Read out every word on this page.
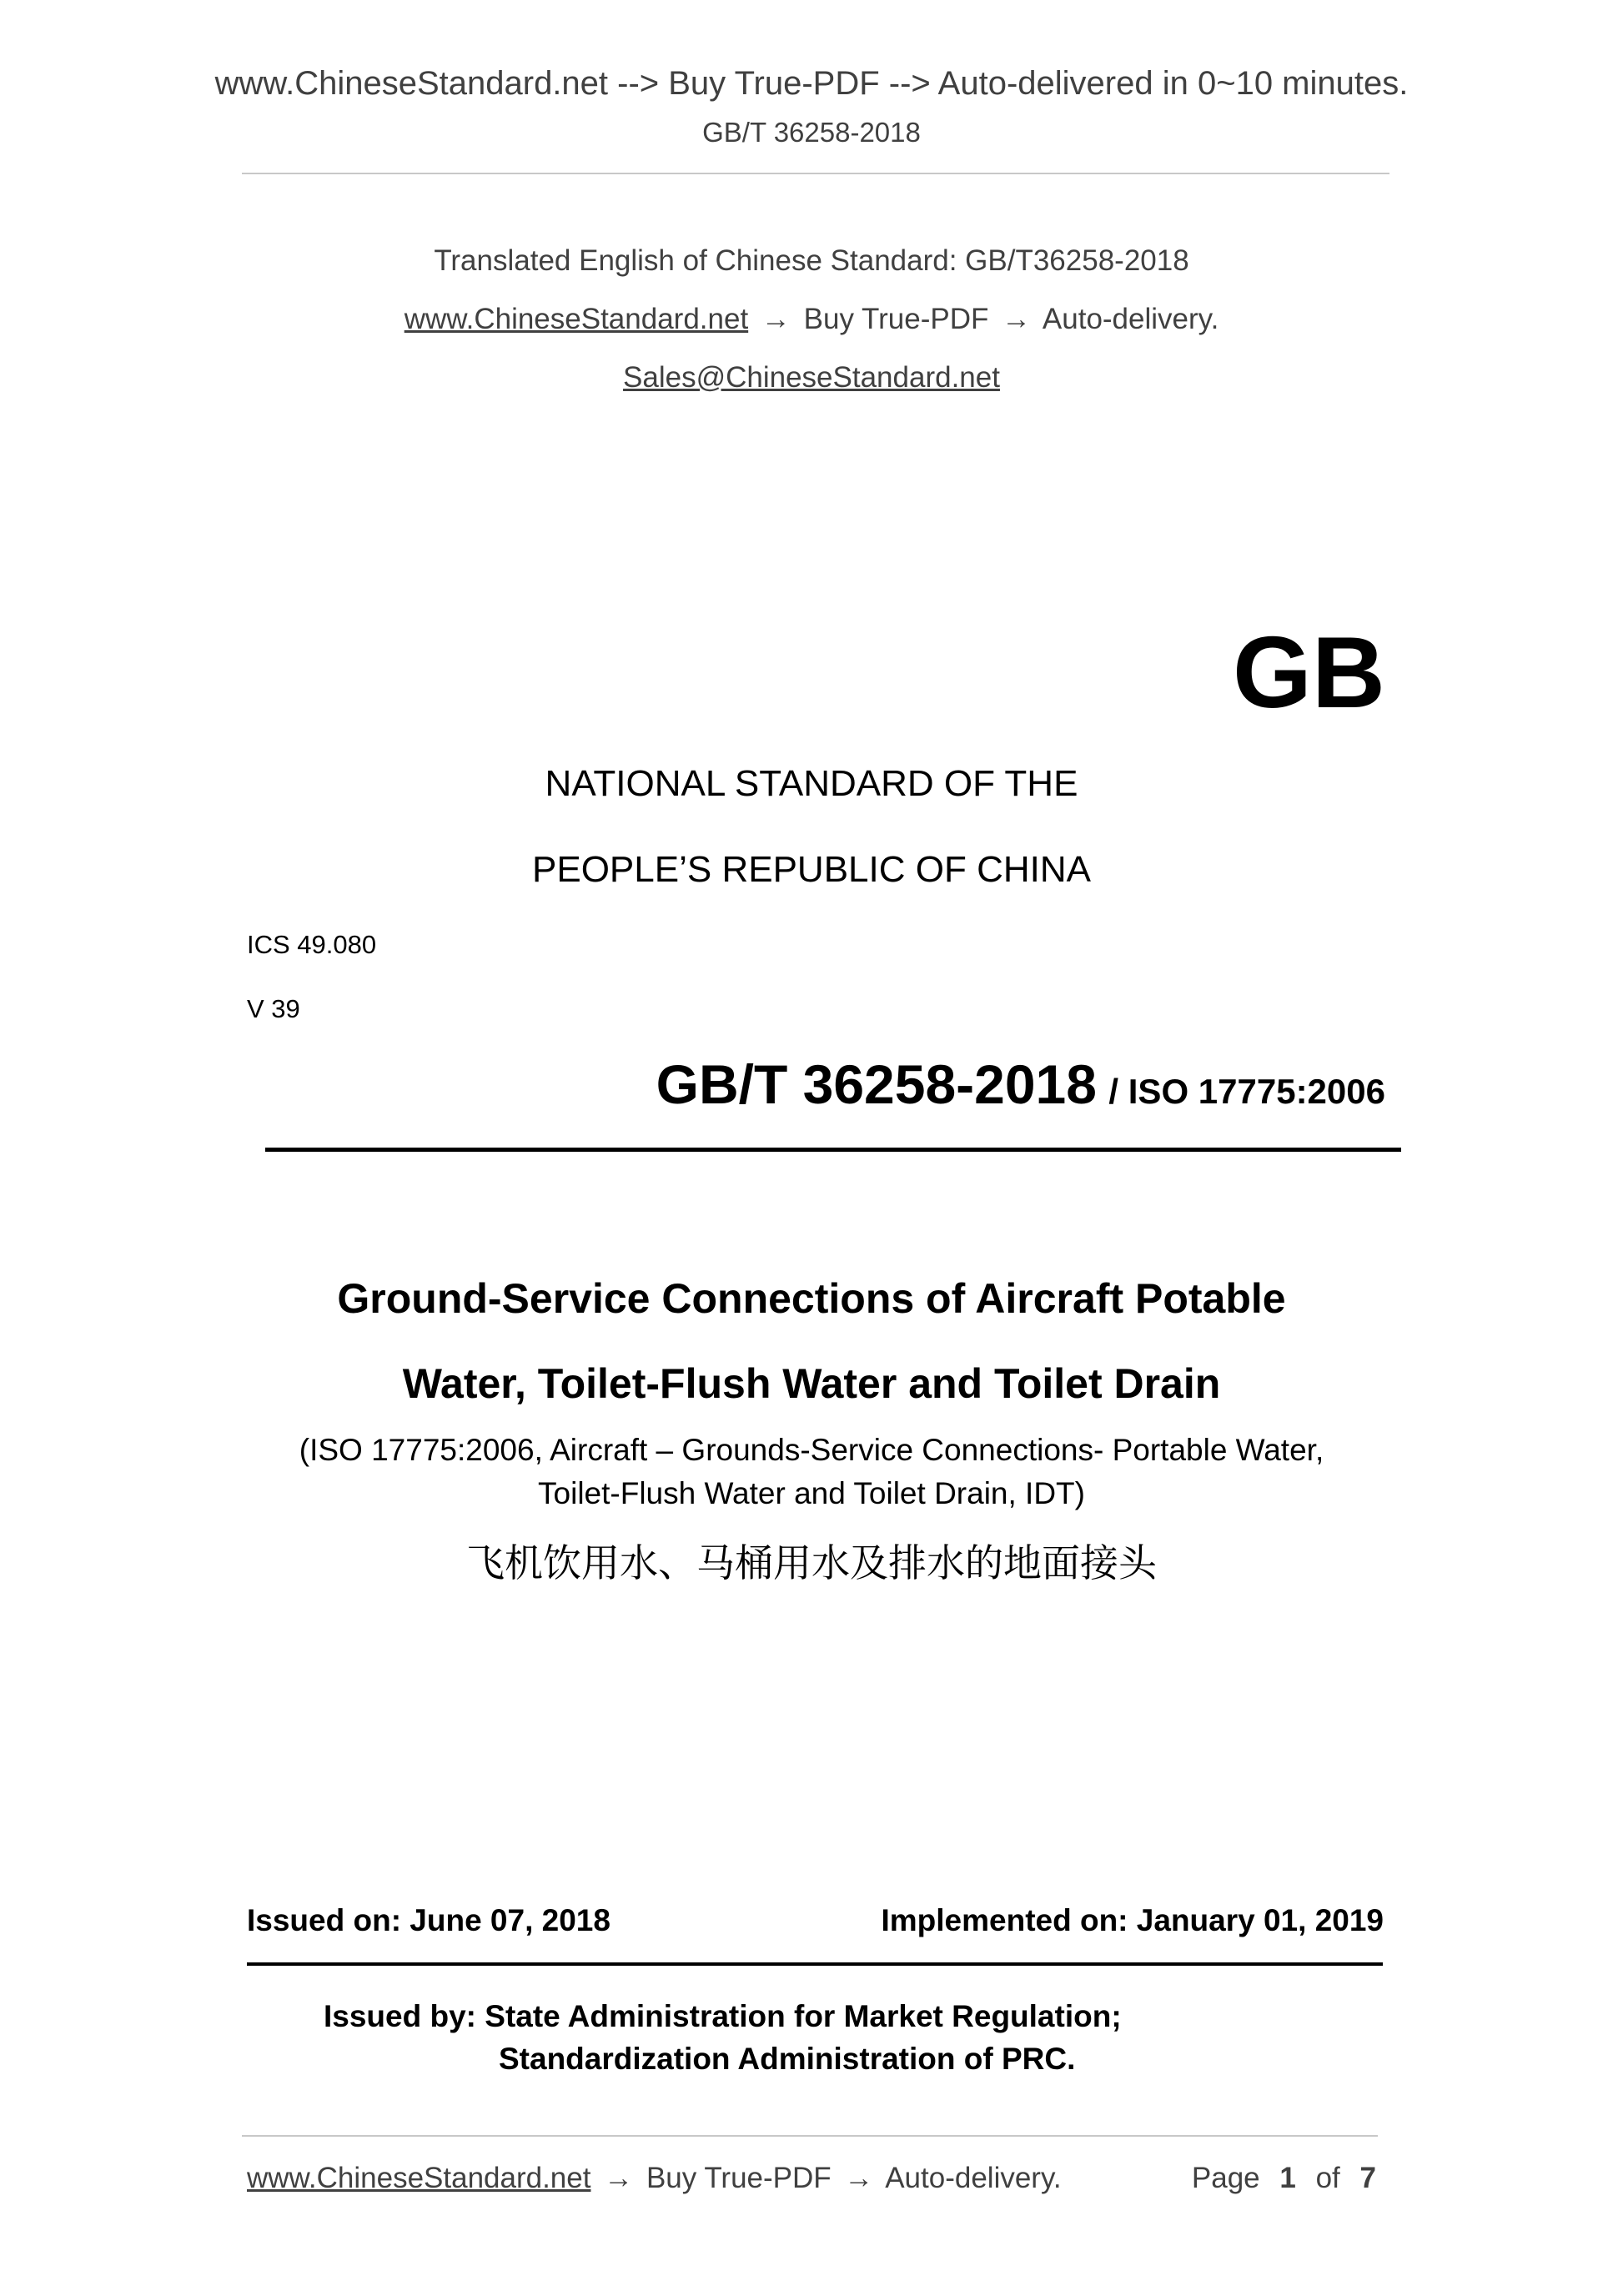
www.ChineseStandard.net --> Buy True-PDF --> Auto-delivered in 0~10 minutes.
GB/T 36258-2018
Translated English of Chinese Standard: GB/T36258-2018
www.ChineseStandard.net → Buy True-PDF → Auto-delivery.
Sales@ChineseStandard.net
GB
NATIONAL STANDARD OF THE
PEOPLE’S REPUBLIC OF CHINA
ICS 49.080
V 39
GB/T 36258-2018 / ISO 17775:2006
Ground-Service Connections of Aircraft Potable
Water, Toilet-Flush Water and Toilet Drain
(ISO 17775:2006, Aircraft – Grounds-Service Connections- Portable Water,
Toilet-Flush Water and Toilet Drain, IDT)
飞机饮用水、马桶用水及排水的地面接头
Issued on: June 07, 2018	Implemented on: January 01, 2019
Issued by: State Administration for Market Regulation;
Standardization Administration of PRC.
www.ChineseStandard.net → Buy True-PDF → Auto-delivery.	Page 1 of 7
